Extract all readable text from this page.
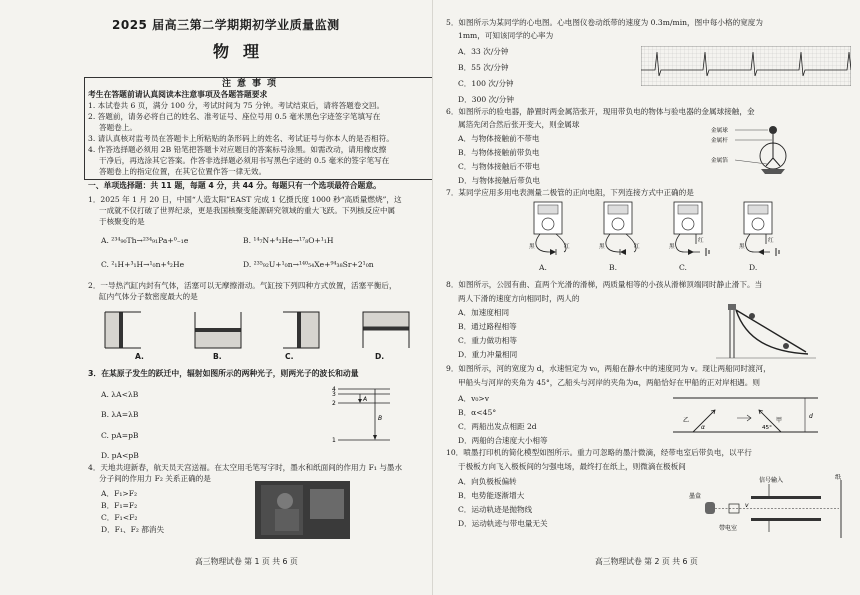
2025 届高三第二学期期初学业质量监测
物理
注意事项
考生在答题前请认真阅读本注意事项及各题答题要求
1. 本试卷共 6 页，满分 100 分，考试时间为 75 分钟。考试结束后，请将答题卷交回。
2. 答题前，请务必将自己的姓名、准考证号、座位号用 0.5 毫米黑色字迹签字笔填写在
答题卷上。
3. 请认真核对监考员在答题卡上所粘贴的条形码上的姓名、考试证号与你本人的是否相符。
4. 作答选择题必须用 2B 铅笔把答题卡对应题目的答案标号涂黑。如需改动，请用橡皮擦
干净后，再选涂其它答案。作答非选择题必须用书写黑色字迹的 0.5 毫米的签字笔写在
答题卷上的指定位置，在其它位置作答一律无效。
一、单项选择题：共 11 题，每题 4 分，共 44 分。每题只有一个选项最符合题意。
1．2025 年 1 月 20 日，中国“人造太阳”EAST 完成 1 亿摄氏度 1000 秒“高质量燃烧”，这
一成就不仅打破了世界纪录，更是我国核聚变能源研究领域的重大飞跃。下列核反应中属
于核聚变的是
A. ²³⁴₉₀Th→²³⁴₉₁Pa+⁰₋₁e	B. ¹⁴₇N+⁴₂He→¹⁷₈O+¹₁H
C. ²₁H+³₁H→¹₀n+⁴₂He	D. ²³⁵₉₂U+¹₀n→¹⁴⁰₅₄Xe+⁹⁴₃₈Sr+2¹₀n
2．一导热汽缸内封有气体，活塞可以无摩擦滑动。气缸按下列四种方式放置，活塞平衡后，
缸内气体分子数密度最大的是
A.	B.	C.	D.
3．在某原子发生的跃迁中，辐射如图所示的两种光子，则两光子的波长和动量
A. λA<λB
B. λA=λB
C. pA=pB
D. pA<pB
4
3
2
1
A
B
4．天地共迎新春，航天员天宫送福。在太空用毛笔写字时，墨水和纸面间的作用力 F₁ 与墨水
分子间的作用力 F₂ 关系正确的是
A．F₁>F₂
B．F₁=F₂
C．F₁<F₂
D．F₁、F₂ 都消失
高三物理试卷 第 1 页 共 6 页
5．如图所示为某同学的心电图。心电图仪卷动纸带的速度为 0.3m/min，图中每小格的宽度为
1mm，可知该同学的心率为
A．33 次/分钟
B．55 次/分钟
C．100 次/分钟
D．300 次/分钟
6．如图所示的验电器，静置时两金属箔张开，现用带负电的物体与验电器的金属球接触，金
属箔先闭合然后张开变大，则金属球
A．与物体接触前不带电
B．与物体接触前带负电
C．与物体接触后不带电
D．与物体接触后带负电
金属球
金属杆
金属箔
7．某同学应用多用电表测量二极管的正向电阻，下列连接方式中正确的是
黑	红	黑	红	黑
红
黑
红
A.	B.	C.	D.
8．如图所示，公园有曲、直两个光滑的滑梯，两质量相等的小孩从滑梯顶端同时静止滑下。当
两人下滑的速度方向相同时，两人的
A．加速度相同
B．通过路程相等
C．重力做功相等
D．重力冲量相同
9．如图所示，河的宽度为 d，水速恒定为 v₀，两船在静水中的速度同为 v。现让两船同时渡河，
甲船头与河岸的夹角为 45°，乙船头与河岸的夹角为α，两船恰好在甲船的正对岸相遇。则
A．v₀>v
B．α<45°
C．两船出发点相距 2d
D．两船的合速度大小相等
乙	甲
α	45°
d
10．喷墨打印机的简化模型如图所示。重力可忽略的墨汁微滴，经带电室后带负电，以平行
于极板方向飞入极板间的匀强电场，最终打在纸上，则微滴在极板间
A．向负极板偏转
B．电势能逐渐增大
C．运动轨迹是抛物线
D．运动轨迹与带电量无关
信号输入
墨盒
带电室
纸
v
高三物理试卷 第 2 页 共 6 页
